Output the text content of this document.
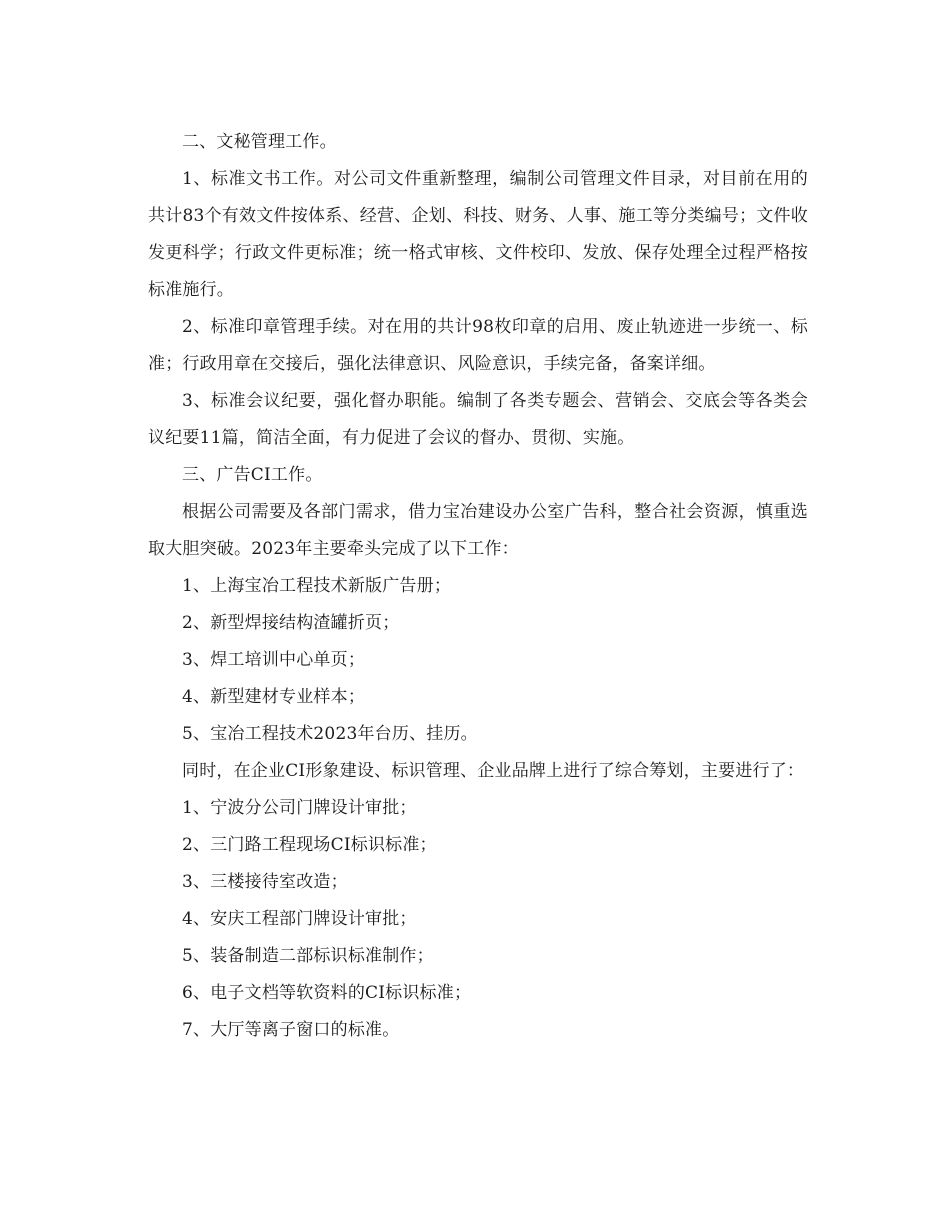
二、文秘管理工作。

1、标准文书工作。对公司文件重新整理，编制公司管理文件目录，对目前在用的共计83个有效文件按体系、经营、企划、科技、财务、人事、施工等分类编号；文件收发更科学；行政文件更标准；统一格式审核、文件校印、发放、保存处理全过程严格按标准施行。

2、标准印章管理手续。对在用的共计98枚印章的启用、废止轨迹进一步统一、标准；行政用章在交接后，强化法律意识、风险意识，手续完备，备案详细。

3、标准会议纪要，强化督办职能。编制了各类专题会、营销会、交底会等各类会议纪要11篇，简洁全面，有力促进了会议的督办、贯彻、实施。

三、广告CI工作。

根据公司需要及各部门需求，借力宝冶建设办公室广告科，整合社会资源，慎重选取大胆突破。2023年主要牵头完成了以下工作：

1、上海宝冶工程技术新版广告册；

2、新型焊接结构渣罐折页；

3、焊工培训中心单页；

4、新型建材专业样本；

5、宝冶工程技术2023年台历、挂历。

同时，在企业CI形象建设、标识管理、企业品牌上进行了综合筹划，主要进行了：

1、宁波分公司门牌设计审批；

2、三门路工程现场CI标识标准；

3、三楼接待室改造；

4、安庆工程部门牌设计审批；

5、装备制造二部标识标准制作；

6、电子文档等软资料的CI标识标准；

7、大厅等离子窗口的标准。
